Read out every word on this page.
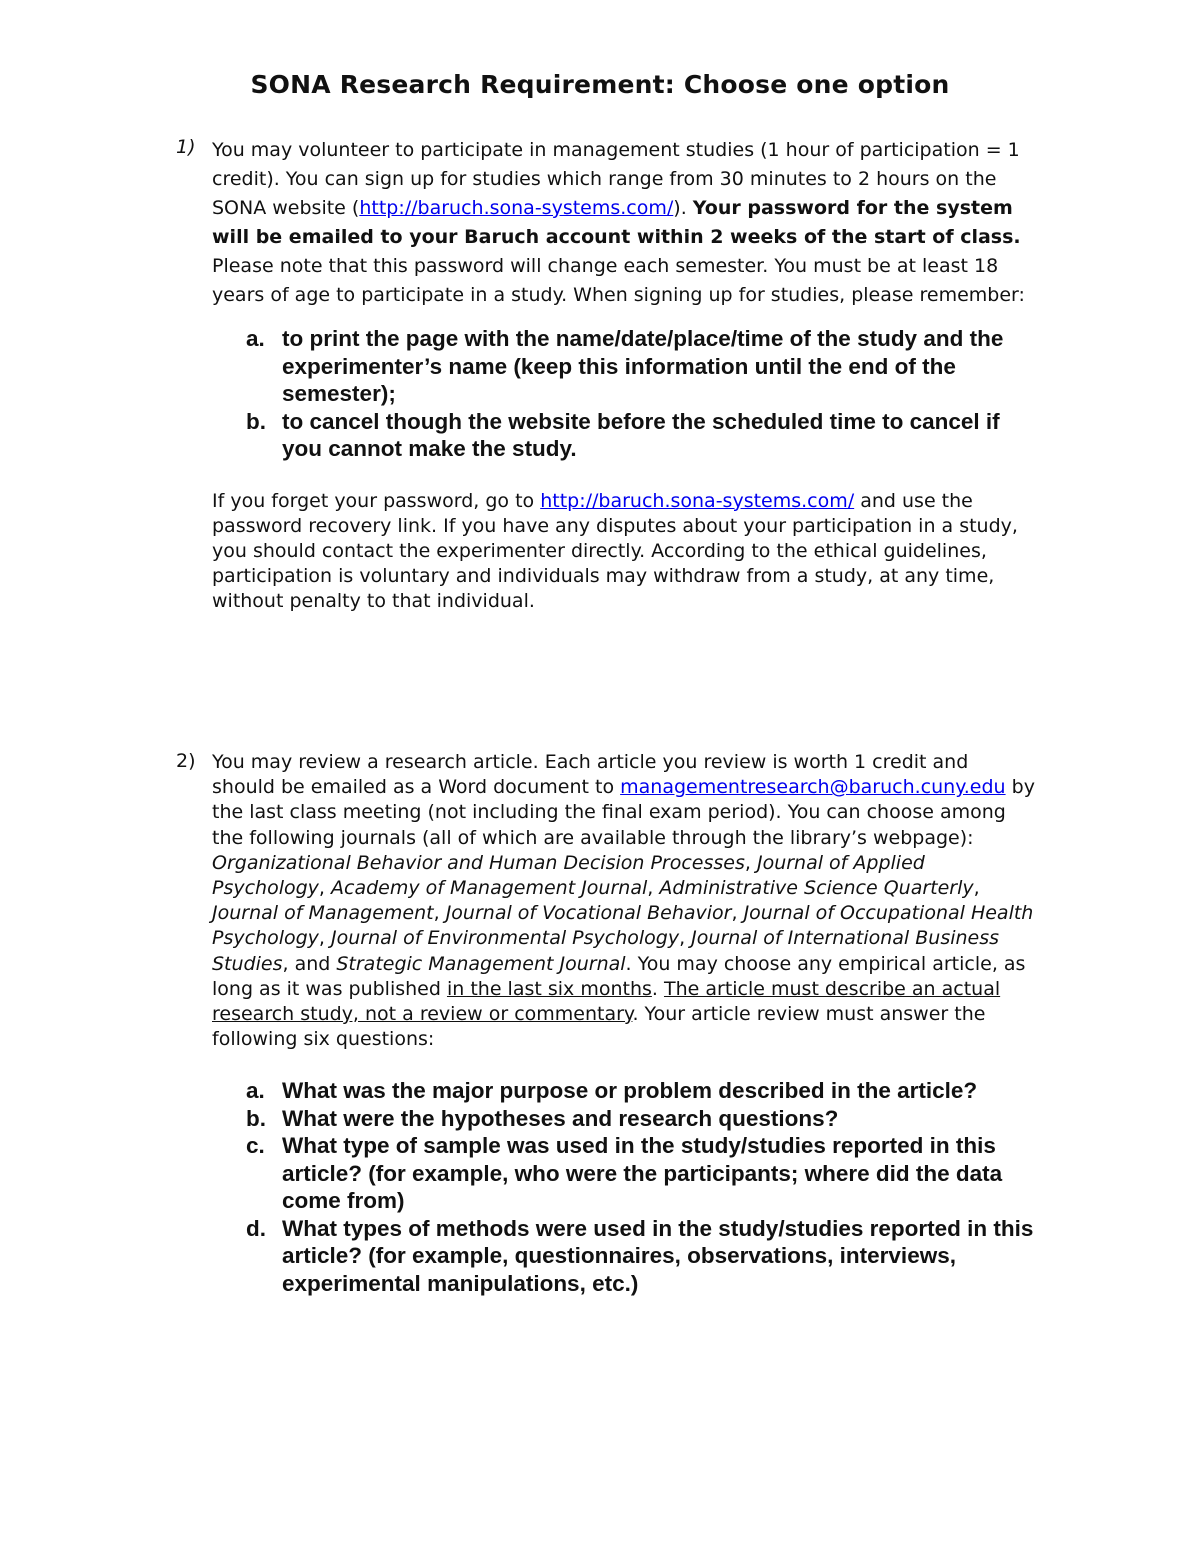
SONA Research Requirement: Choose one option
1) You may volunteer to participate in management studies (1 hour of participation = 1 credit). You can sign up for studies which range from 30 minutes to 2 hours on the SONA website (http://baruch.sona-systems.com/). Your password for the system will be emailed to your Baruch account within 2 weeks of the start of class. Please note that this password will change each semester. You must be at least 18 years of age to participate in a study. When signing up for studies, please remember:
a. to print the page with the name/date/place/time of the study and the experimenter’s name (keep this information until the end of the semester);
b. to cancel though the website before the scheduled time to cancel if you cannot make the study.
If you forget your password, go to http://baruch.sona-systems.com/ and use the password recovery link. If you have any disputes about your participation in a study, you should contact the experimenter directly. According to the ethical guidelines, participation is voluntary and individuals may withdraw from a study, at any time, without penalty to that individual.
2) You may review a research article. Each article you review is worth 1 credit and should be emailed as a Word document to managementresearch@baruch.cuny.edu by the last class meeting (not including the final exam period). You can choose among the following journals (all of which are available through the library’s webpage): Organizational Behavior and Human Decision Processes, Journal of Applied Psychology, Academy of Management Journal, Administrative Science Quarterly, Journal of Management, Journal of Vocational Behavior, Journal of Occupational Health Psychology, Journal of Environmental Psychology, Journal of International Business Studies, and Strategic Management Journal. You may choose any empirical article, as long as it was published in the last six months. The article must describe an actual research study, not a review or commentary. Your article review must answer the following six questions:
a. What was the major purpose or problem described in the article?
b. What were the hypotheses and research questions?
c. What type of sample was used in the study/studies reported in this article? (for example, who were the participants; where did the data come from)
d. What types of methods were used in the study/studies reported in this article? (for example, questionnaires, observations, interviews, experimental manipulations, etc.)
